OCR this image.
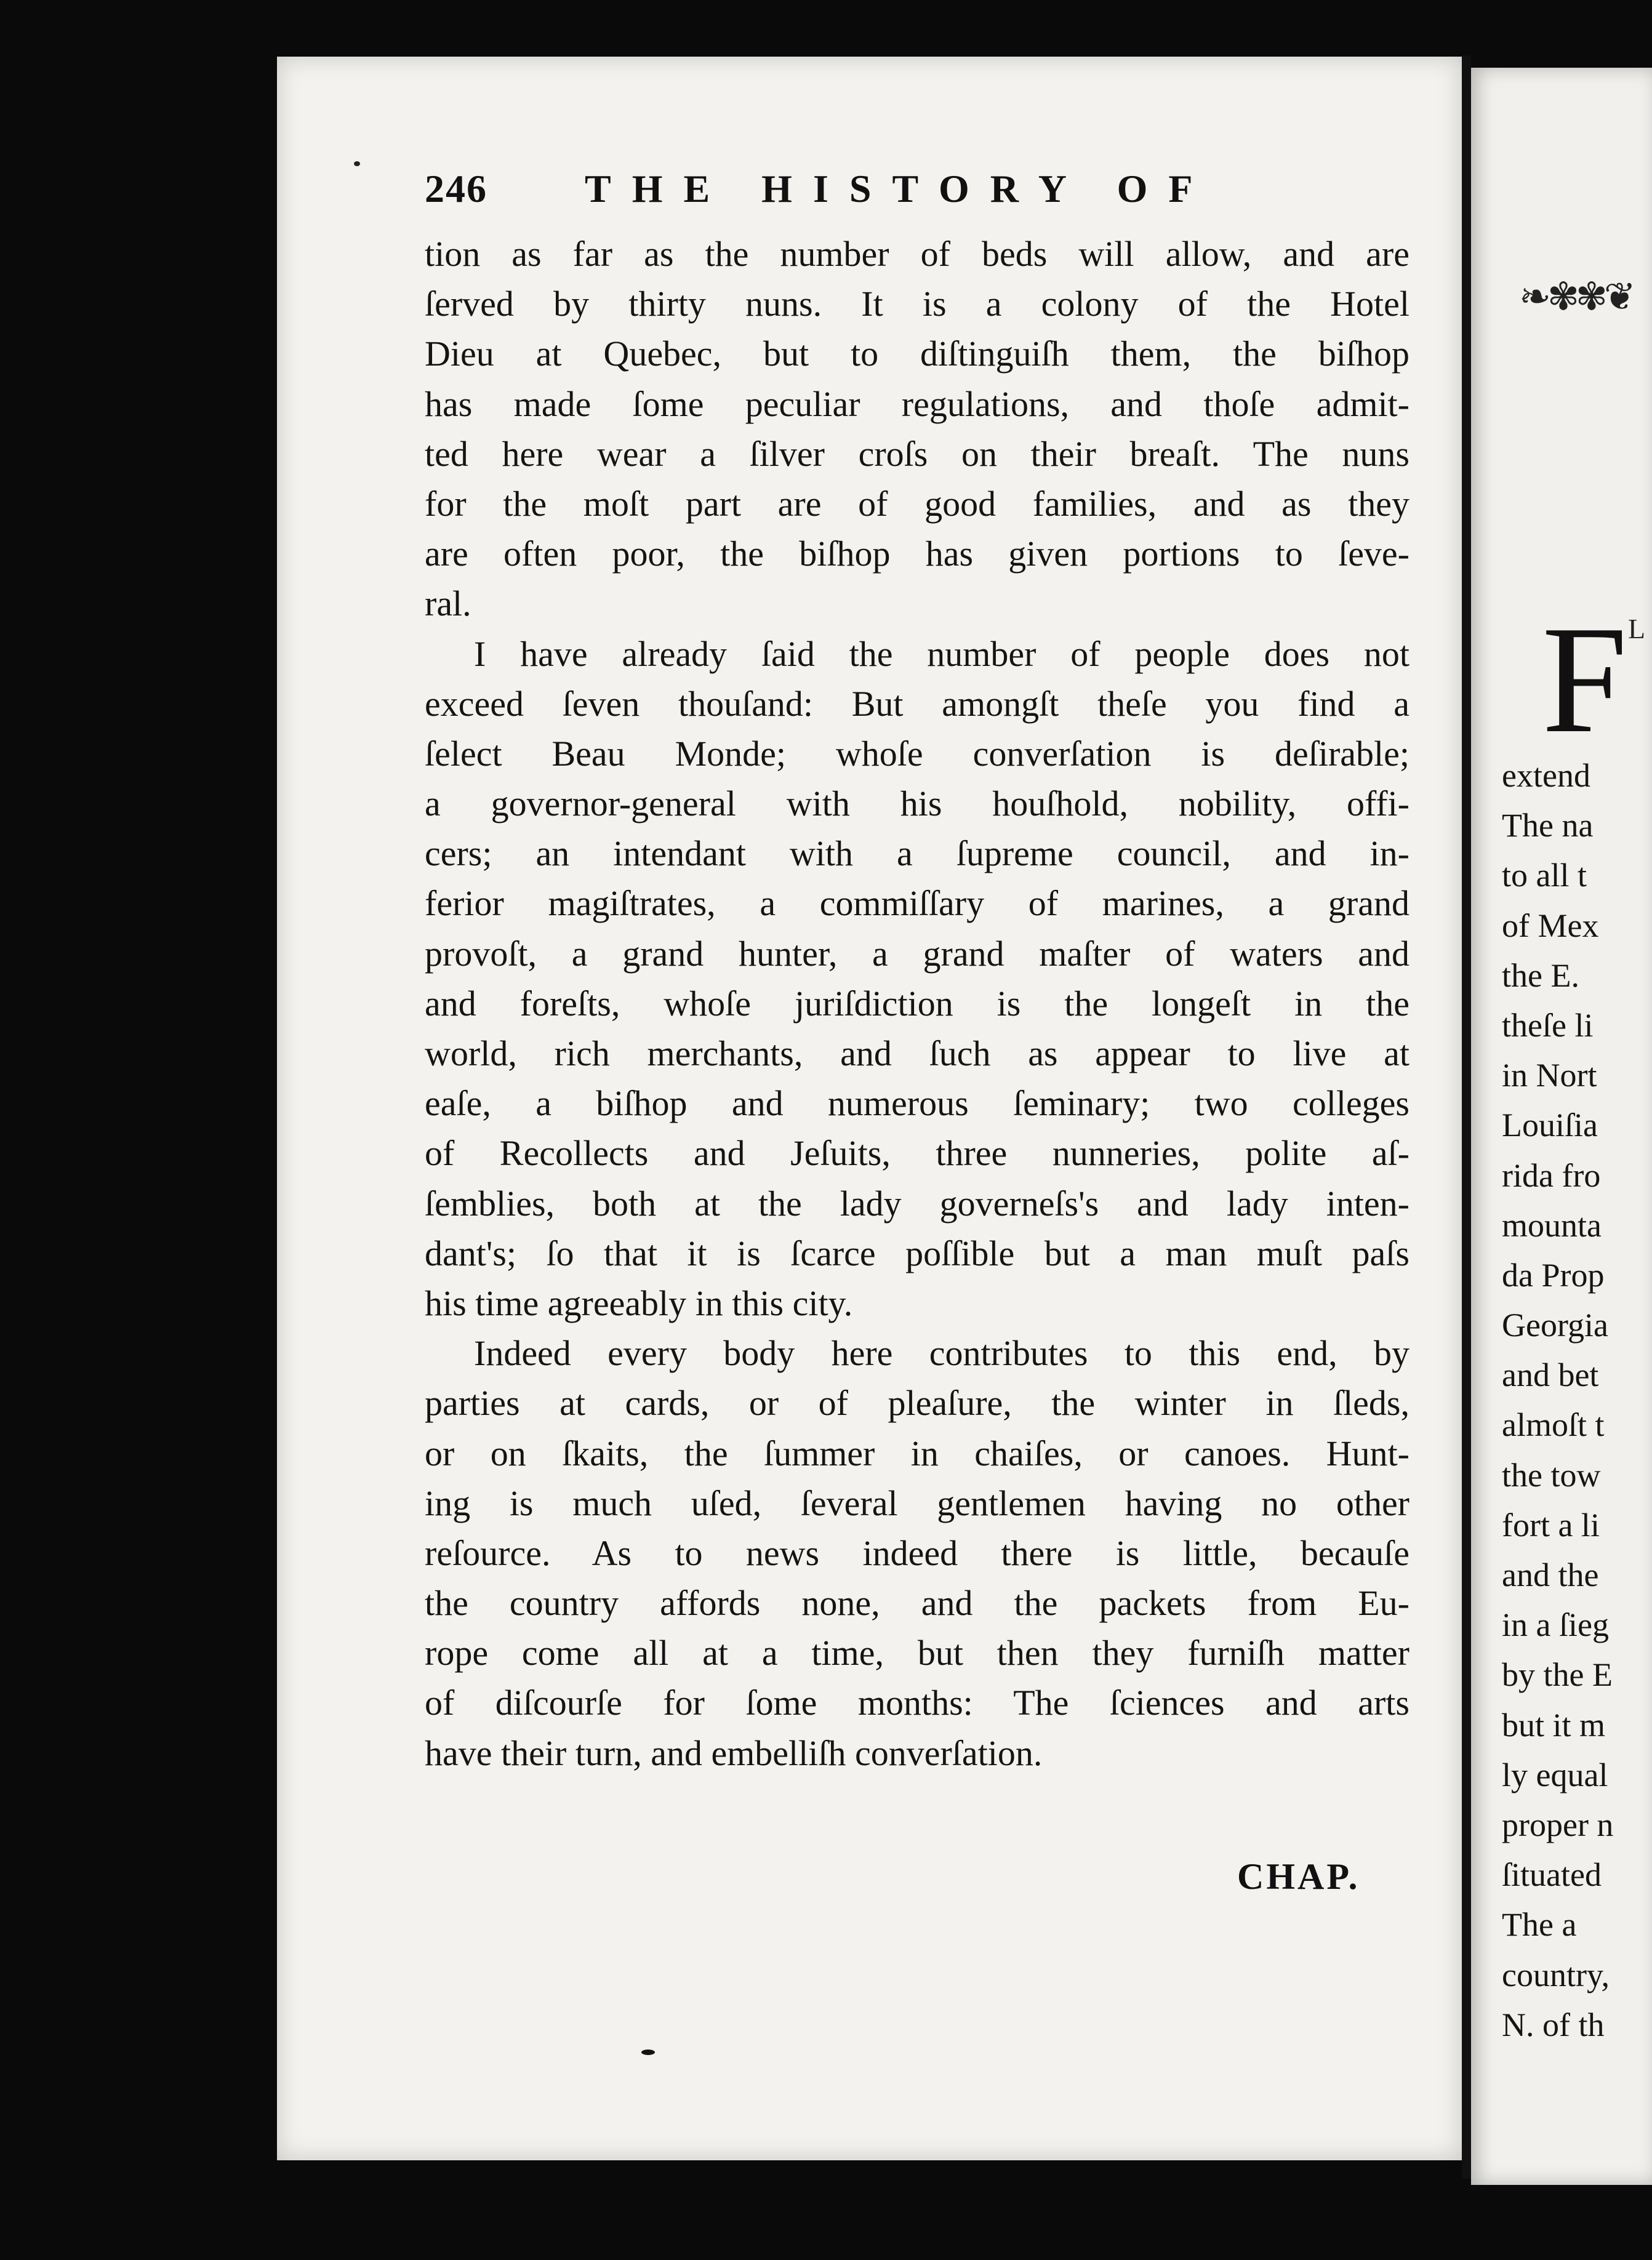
❧✾✾❦
F L
extend
The na
to all t
of Mex
the E.
theſe li
in Nort
Louiſia
rida fro
mounta
da Prop
Georgia
and bet
almoſt t
the tow
fort a li
and the
in a ſieg
by the E
but it m
ly equal
proper n
ſituated
The a
country,
N. of th
246 THE HISTORY OF
tion as far as the number of beds will allow, and are
ſerved by thirty nuns. It is a colony of the Hotel
Dieu at Quebec, but to diſtinguiſh them, the biſhop
has made ſome peculiar regulations, and thoſe admit-
ted here wear a ſilver croſs on their breaſt. The nuns
for the moſt part are of good families, and as they
are often poor, the biſhop has given portions to ſeve-
ral.
I have already ſaid the number of people does not
exceed ſeven thouſand: But amongſt theſe you find a
ſelect Beau Monde; whoſe converſation is deſirable;
a governor-general with his houſhold, nobility, offi-
cers; an intendant with a ſupreme council, and in-
ferior magiſtrates, a commiſſary of marines, a grand
provoſt, a grand hunter, a grand maſter of waters and
and foreſts, whoſe juriſdiction is the longeſt in the
world, rich merchants, and ſuch as appear to live at
eaſe, a biſhop and numerous ſeminary; two colleges
of Recollects and Jeſuits, three nunneries, polite aſ-
ſemblies, both at the lady governeſs's and lady inten-
dant's; ſo that it is ſcarce poſſible but a man muſt paſs
his time agreeably in this city.
Indeed every body here contributes to this end, by
parties at cards, or of pleaſure, the winter in ſleds,
or on ſkaits, the ſummer in chaiſes, or canoes. Hunt-
ing is much uſed, ſeveral gentlemen having no other
reſource. As to news indeed there is little, becauſe
the country affords none, and the packets from Eu-
rope come all at a time, but then they furniſh matter
of diſcourſe for ſome months: The ſciences and arts
have their turn, and embelliſh converſation.
CHAP.
